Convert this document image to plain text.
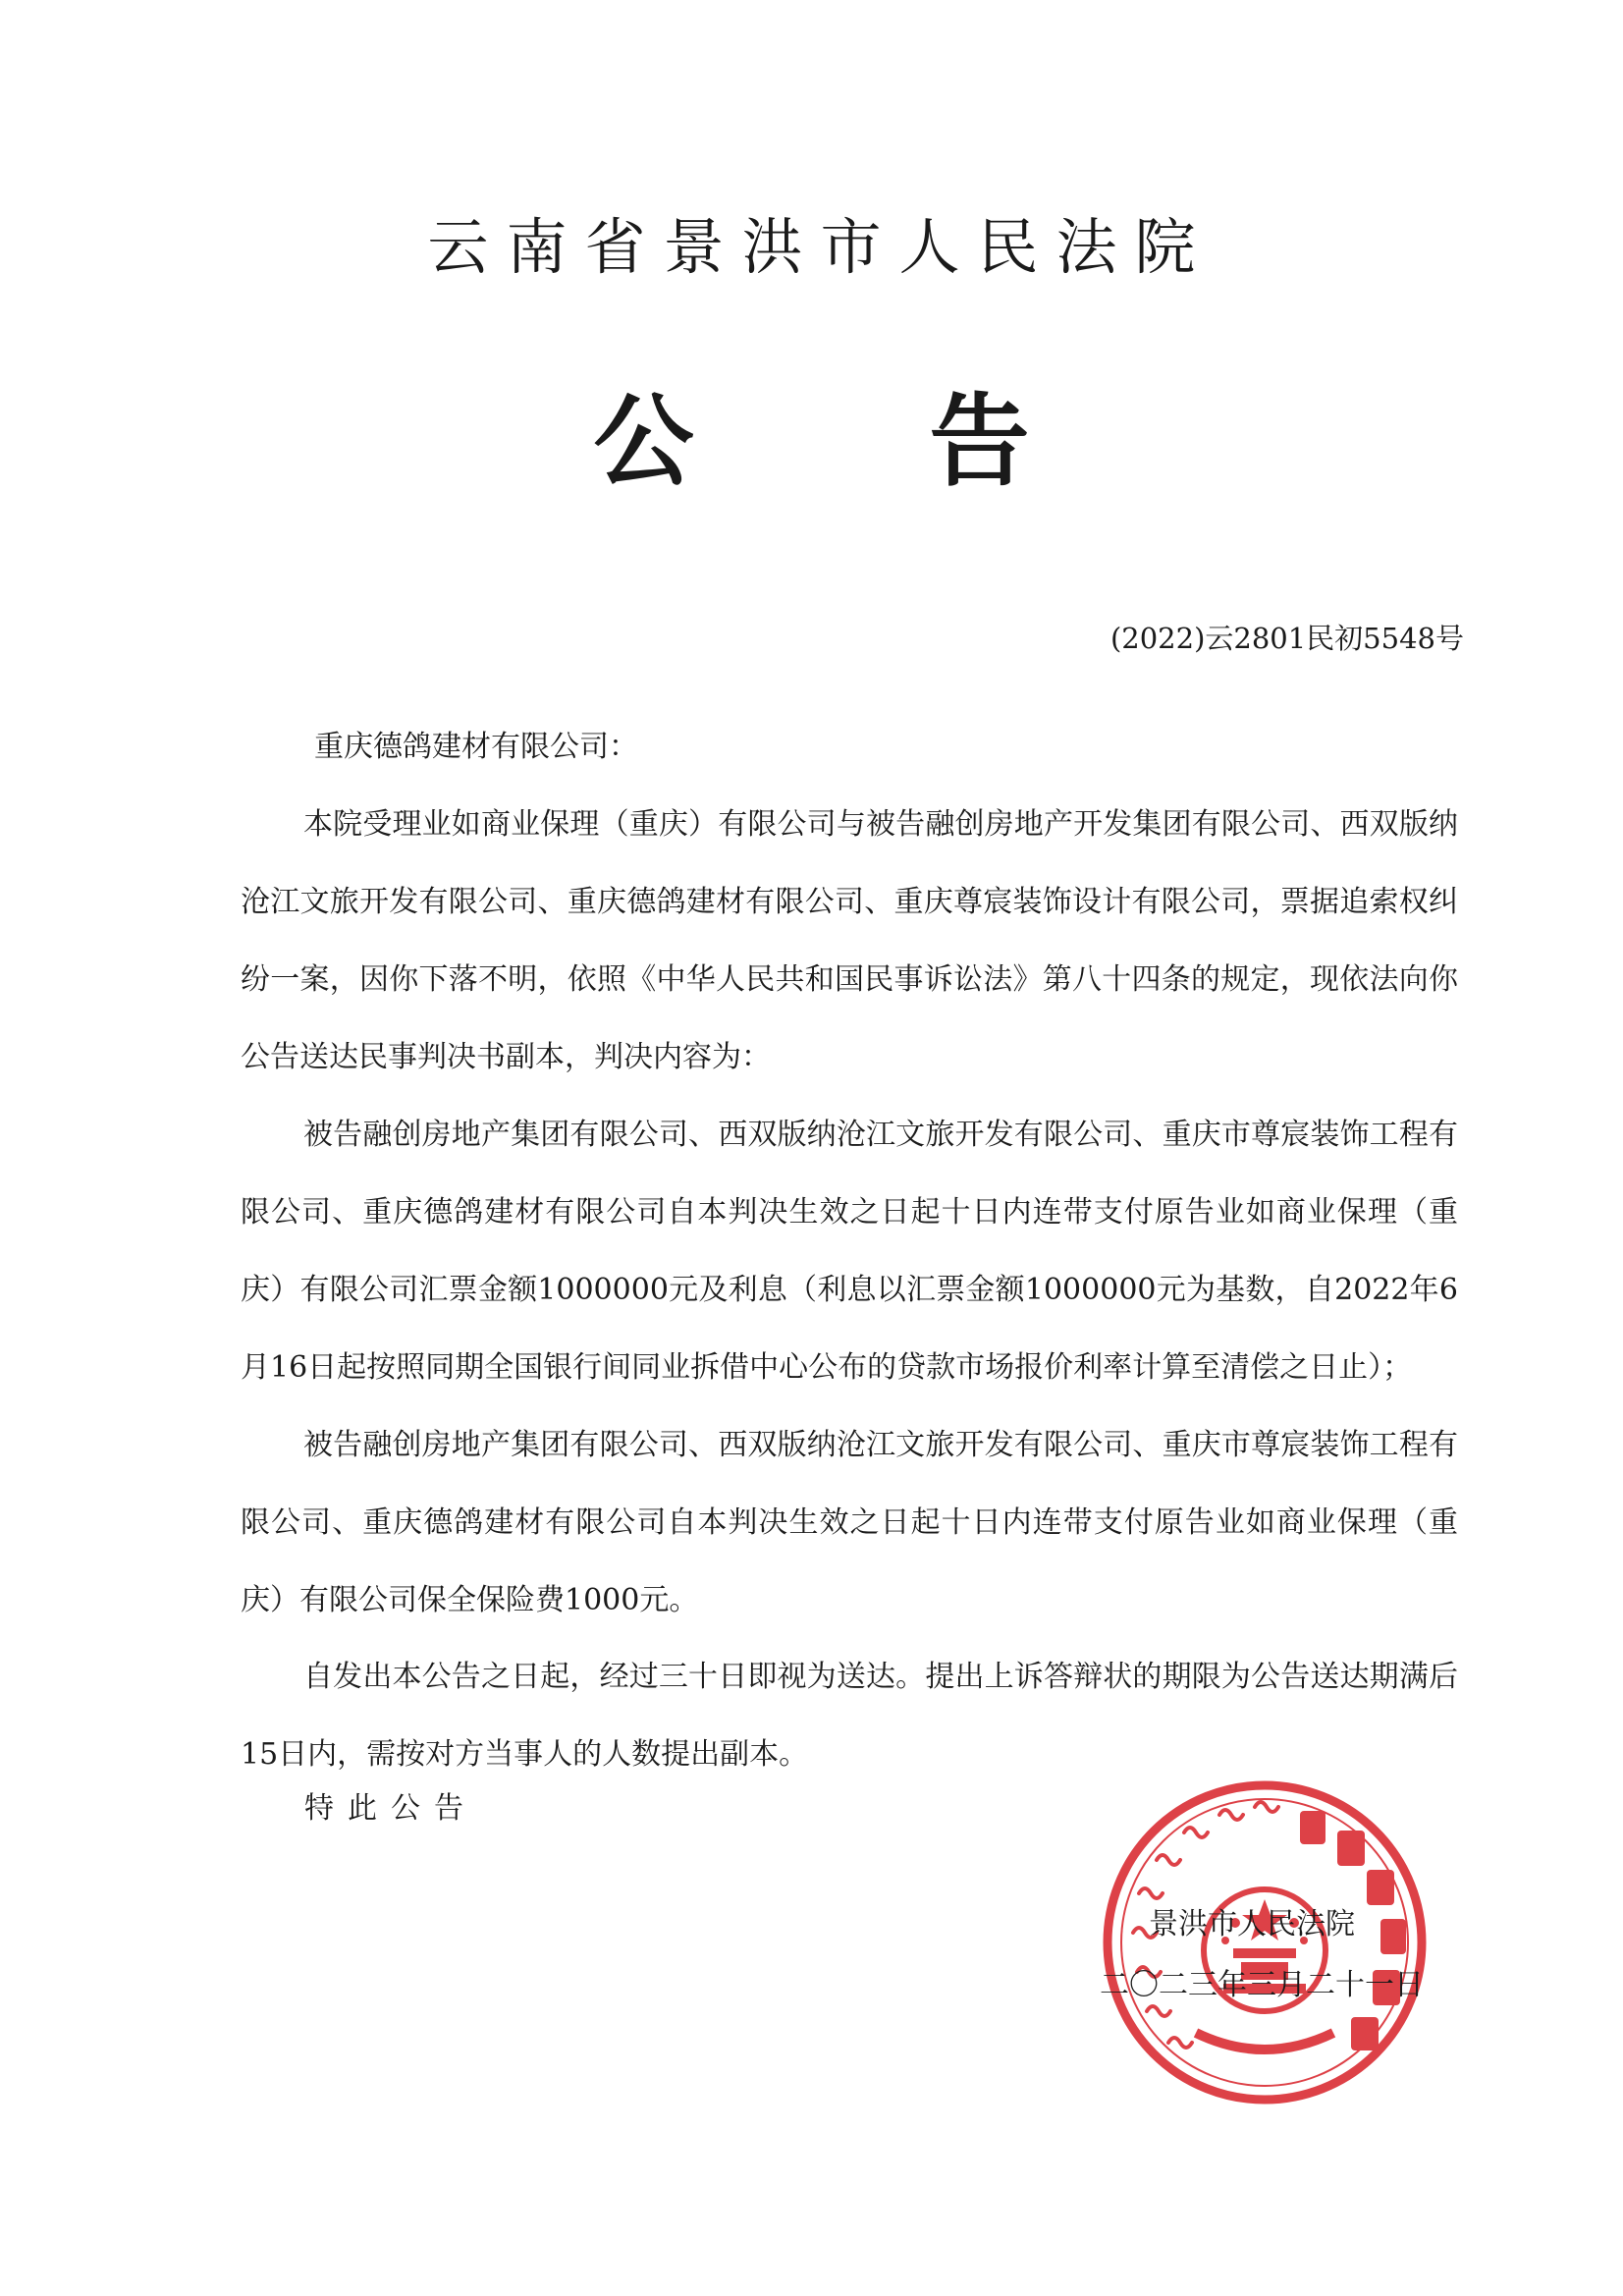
云南省景洪市人民法院
公告
(2022)云2801民初5548号
重庆德鸽建材有限公司：

本院受理业如商业保理（重庆）有限公司与被告融创房地产开发集团有限公司、西双版纳沧江文旅开发有限公司、重庆德鸽建材有限公司、重庆尊宸装饰设计有限公司，票据追索权纠纷一案，因你下落不明，依照《中华人民共和国民事诉讼法》第八十四条的规定，现依法向你公告送达民事判决书副本，判决内容为：

被告融创房地产集团有限公司、西双版纳沧江文旅开发有限公司、重庆市尊宸装饰工程有限公司、重庆德鸽建材有限公司自本判决生效之日起十日内连带支付原告业如商业保理（重庆）有限公司汇票金额1000000元及利息（利息以汇票金额1000000元为基数，自2022年6月16日起按照同期全国银行间同业拆借中心公布的贷款市场报价利率计算至清偿之日止）；

被告融创房地产集团有限公司、西双版纳沧江文旅开发有限公司、重庆市尊宸装饰工程有限公司、重庆德鸽建材有限公司自本判决生效之日起十日内连带支付原告业如商业保理（重庆）有限公司保全保险费1000元。

自发出本公告之日起，经过三十日即视为送达。提出上诉答辩状的期限为公告送达期满后15日内，需按对方当事人的人数提出副本。

特此公告
景洪市人民法院
二〇二三年三月二十一日
